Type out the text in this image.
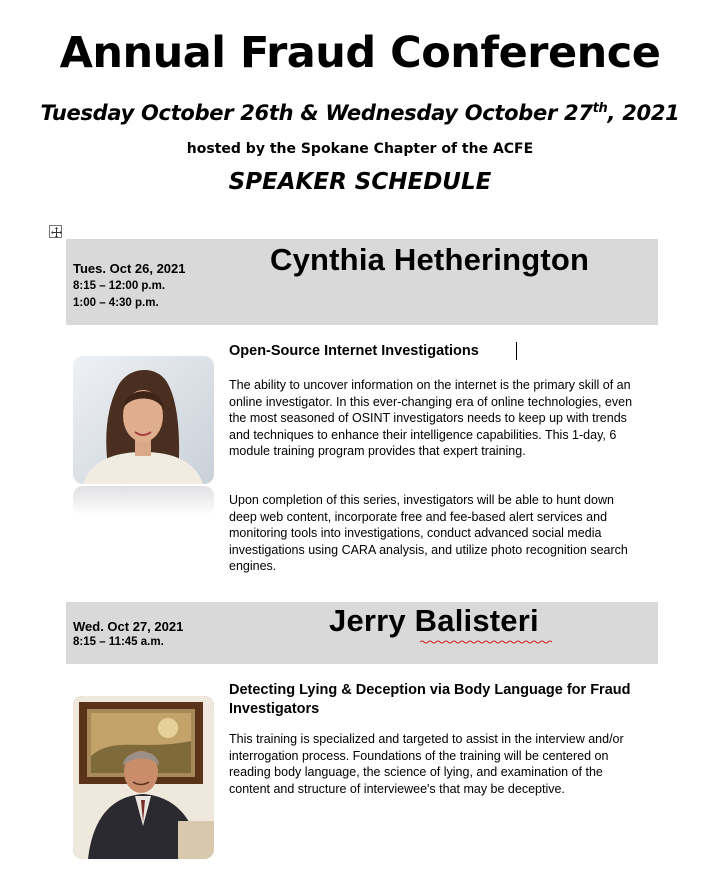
Annual Fraud Conference
Tuesday October 26th & Wednesday October 27th, 2021
hosted by the Spokane Chapter of the ACFE
SPEAKER SCHEDULE
Tues. Oct 26, 2021
8:15 – 12:00 p.m.
1:00 – 4:30 p.m.
Cynthia Hetherington
Open-Source Internet Investigations
The ability to uncover information on the internet is the primary skill of an online investigator. In this ever-changing era of online technologies, even the most seasoned of OSINT investigators needs to keep up with trends and techniques to enhance their intelligence capabilities. This 1-day, 6 module training program provides that expert training.
Upon completion of this series, investigators will be able to hunt down deep web content, incorporate free and fee-based alert services and monitoring tools into investigations, conduct advanced social media investigations using CARA analysis, and utilize photo recognition search engines.
Wed. Oct 27, 2021
8:15 – 11:45 a.m.
Jerry Balisteri
Detecting Lying & Deception via Body Language for Fraud Investigators
This training is specialized and targeted to assist in the interview and/or interrogation process. Foundations of the training will be centered on reading body language, the science of lying, and examination of the content and structure of interviewee's that may be deceptive.
